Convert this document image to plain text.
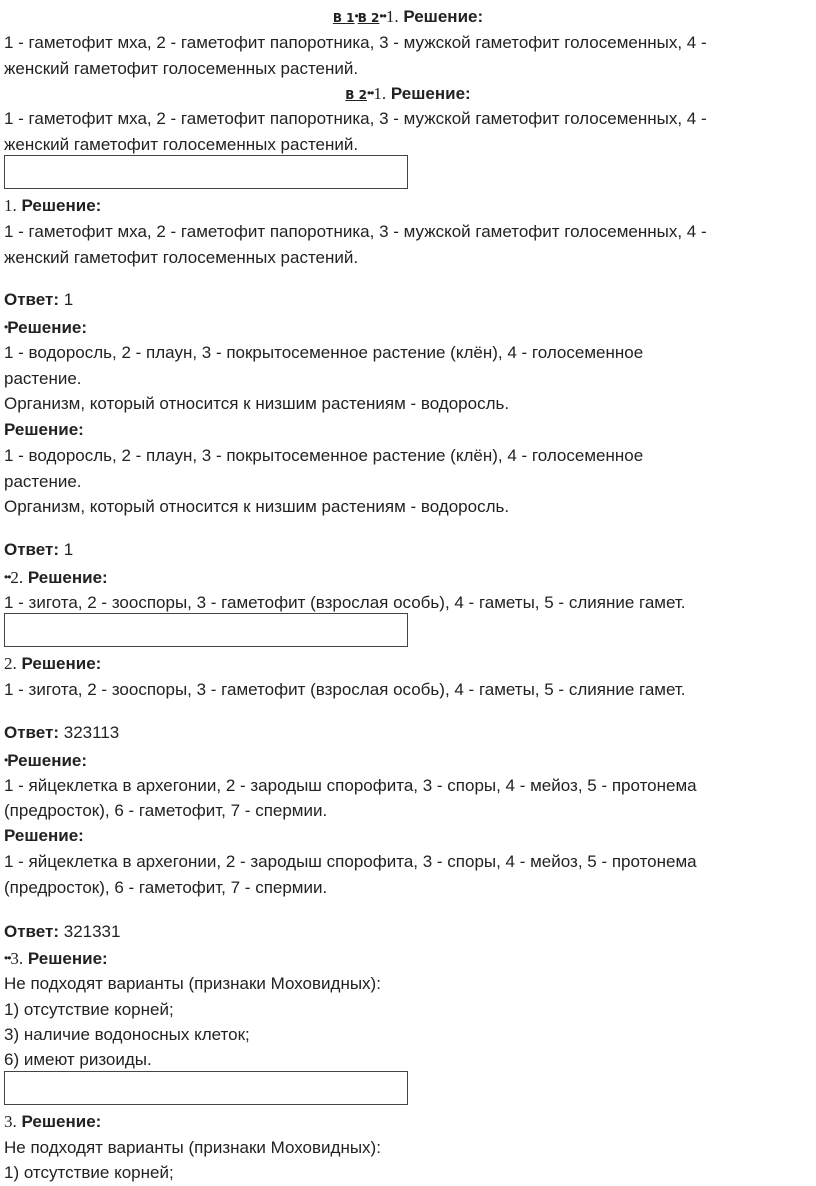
В 1•В 2••1. Решение:
1 - гаметофит мха, 2 - гаметофит папоротника, 3 - мужской гаметофит голосеменных, 4 -
женский гаметофит голосеменных растений.
В 2••1. Решение:
1 - гаметофит мха, 2 - гаметофит папоротника, 3 - мужской гаметофит голосеменных, 4 -
женский гаметофит голосеменных растений.
1. Решение:
1 - гаметофит мха, 2 - гаметофит папоротника, 3 - мужской гаметофит голосеменных, 4 -
женский гаметофит голосеменных растений.
Ответ: 1
•Решение:
1 - водоросль, 2 - плаун, 3 - покрытосеменное растение (клён), 4 - голосеменное
растение.
Организм, который относится к низшим растениям - водоросль.
Решение:
1 - водоросль, 2 - плаун, 3 - покрытосеменное растение (клён), 4 - голосеменное
растение.
Организм, который относится к низшим растениям - водоросль.
Ответ: 1
••2. Решение:
1 - зигота, 2 - зооспоры, 3 - гаметофит (взрослая особь), 4 - гаметы, 5 - слияние гамет.
2. Решение:
1 - зигота, 2 - зооспоры, 3 - гаметофит (взрослая особь), 4 - гаметы, 5 - слияние гамет.
Ответ: 323113
•Решение:
1 - яйцеклетка в архегонии, 2 - зародыш спорофита, 3 - споры, 4 - мейоз, 5 - протонема
(предросток), 6 - гаметофит, 7 - спермии.
Решение:
1 - яйцеклетка в архегонии, 2 - зародыш спорофита, 3 - споры, 4 - мейоз, 5 - протонема
(предросток), 6 - гаметофит, 7 - спермии.
Ответ: 321331
••3. Решение:
Не подходят варианты (признаки Моховидных):
1) отсутствие корней;
3) наличие водоносных клеток;
6) имеют ризоиды.
3. Решение:
Не подходят варианты (признаки Моховидных):
1) отсутствие корней;
